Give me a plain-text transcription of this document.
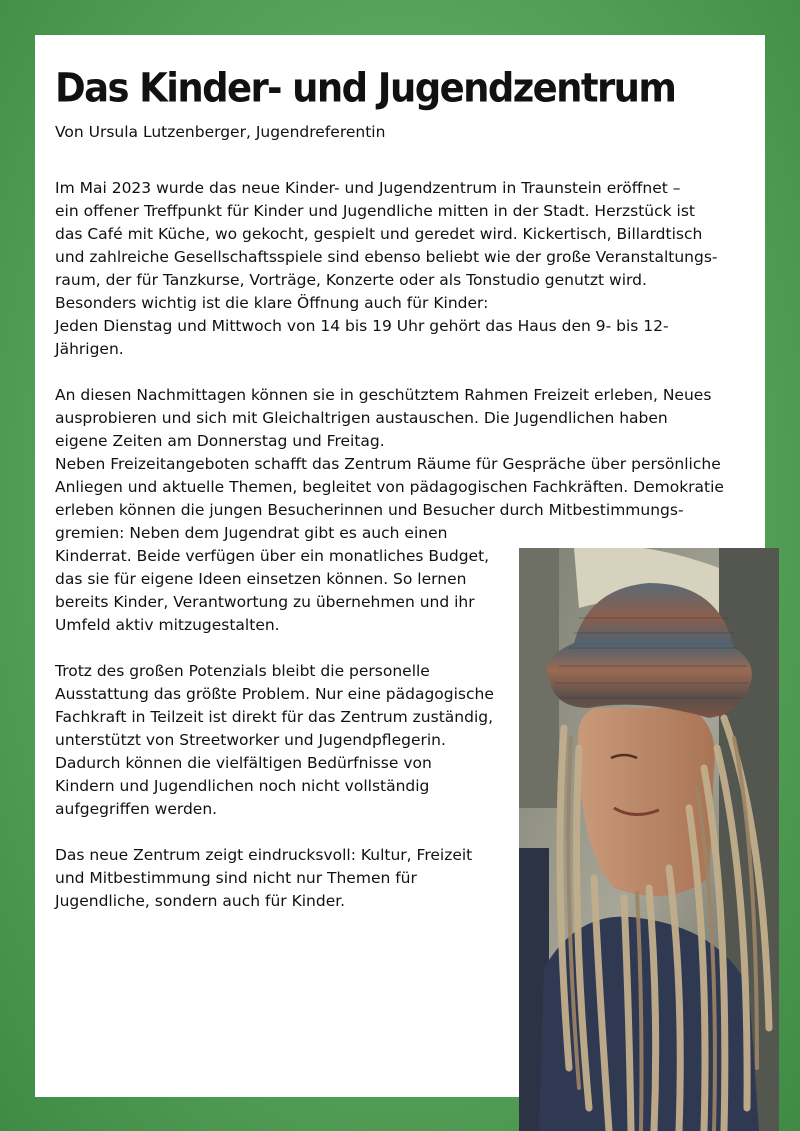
Das Kinder- und Jugendzentrum

Von Ursula Lutzenberger, Jugendreferentin

Im Mai 2023 wurde das neue Kinder- und Jugendzentrum in Traunstein eröffnet –
ein offener Treffpunkt für Kinder und Jugendliche mitten in der Stadt. Herzstück ist
das Café mit Küche, wo gekocht, gespielt und geredet wird. Kickertisch, Billardtisch
und zahlreiche Gesellschaftsspiele sind ebenso beliebt wie der große Veranstaltungs-
raum, der für Tanzkurse, Vorträge, Konzerte oder als Tonstudio genutzt wird.
Besonders wichtig ist die klare Öffnung auch für Kinder:
Jeden Dienstag und Mittwoch von 14 bis 19 Uhr gehört das Haus den 9- bis 12-
Jährigen.

An diesen Nachmittagen können sie in geschütztem Rahmen Freizeit erleben, Neues
ausprobieren und sich mit Gleichaltrigen austauschen. Die Jugendlichen haben
eigene Zeiten am Donnerstag und Freitag.
Neben Freizeitangeboten schafft das Zentrum Räume für Gespräche über persönliche
Anliegen und aktuelle Themen, begleitet von pädagogischen Fachkräften. Demokratie
erleben können die jungen Besucherinnen und Besucher durch Mitbestimmungs-
gremien: Neben dem Jugendrat gibt es auch einen
Kinderrat. Beide verfügen über ein monatliches Budget,
das sie für eigene Ideen einsetzen können. So lernen
bereits Kinder, Verantwortung zu übernehmen und ihr
Umfeld aktiv mitzugestalten.

Trotz des großen Potenzials bleibt die personelle
Ausstattung das größte Problem. Nur eine pädagogische
Fachkraft in Teilzeit ist direkt für das Zentrum zuständig,
unterstützt von Streetworker und Jugendpflegerin.
Dadurch können die vielfältigen Bedürfnisse von
Kindern und Jugendlichen noch nicht vollständig
aufgegriffen werden.

Das neue Zentrum zeigt eindrucksvoll: Kultur, Freizeit
und Mitbestimmung sind nicht nur Themen für
Jugendliche, sondern auch für Kinder.
